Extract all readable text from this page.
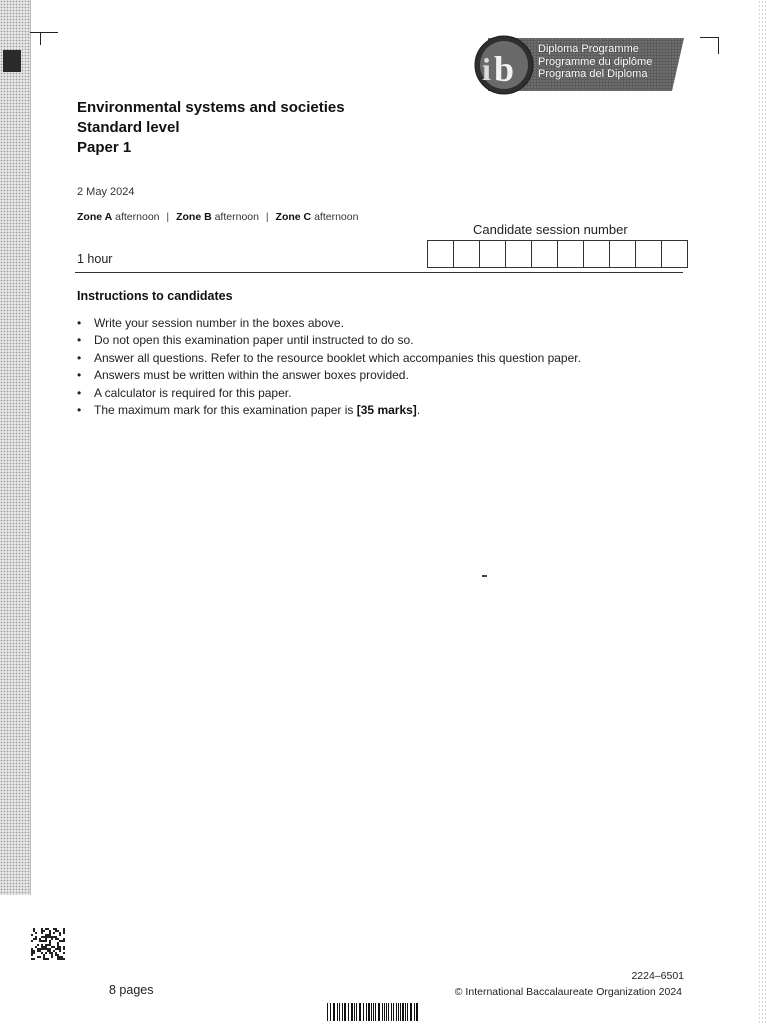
b
i
Diploma Programme
Programme du diplôme
Programa del Diploma
Environmental systems and societies
Standard level
Paper 1
2 May 2024
Zone A afternoon | Zone B afternoon | Zone C afternoon
Candidate session number
1 hour
Instructions to candidates
• Write your session number in the boxes above.
• Do not open this examination paper until instructed to do so.
• Answer all questions. Refer to the resource booklet which accompanies this question paper.
• Answers must be written within the answer boxes provided.
• A calculator is required for this paper.
• The maximum mark for this examination paper is [35 marks].
8 pages
2224–6501
© International Baccalaureate Organization 2024
